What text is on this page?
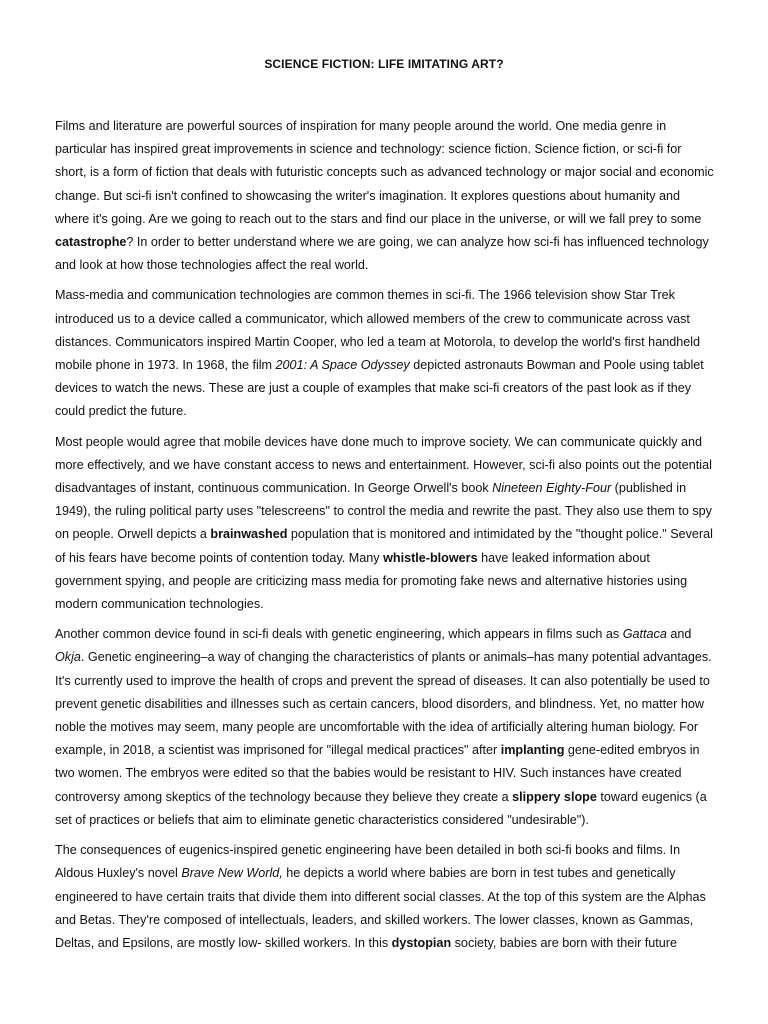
SCIENCE FICTION: LIFE IMITATING ART?

Films and literature are powerful sources of inspiration for many people around the world. One media genre in particular has inspired great improvements in science and technology: science fiction. Science fiction, or sci-fi for short, is a form of fiction that deals with futuristic concepts such as advanced technology or major social and economic change. But sci-fi isn't confined to showcasing the writer's imagination. It explores questions about humanity and where it's going. Are we going to reach out to the stars and find our place in the universe, or will we fall prey to some catastrophe? In order to better understand where we are going, we can analyze how sci-fi has influenced technology and look at how those technologies affect the real world.

Mass-media and communication technologies are common themes in sci-fi. The 1966 television show Star Trek introduced us to a device called a communicator, which allowed members of the crew to communicate across vast distances. Communicators inspired Martin Cooper, who led a team at Motorola, to develop the world's first handheld mobile phone in 1973. In 1968, the film 2001: A Space Odyssey depicted astronauts Bowman and Poole using tablet devices to watch the news. These are just a couple of examples that make sci-fi creators of the past look as if they could predict the future.

Most people would agree that mobile devices have done much to improve society. We can communicate quickly and more effectively, and we have constant access to news and entertainment. However, sci-fi also points out the potential disadvantages of instant, continuous communication. In George Orwell's book Nineteen Eighty-Four (published in 1949), the ruling political party uses "telescreens" to control the media and rewrite the past. They also use them to spy on people. Orwell depicts a brainwashed population that is monitored and intimidated by the "thought police." Several of his fears have become points of contention today. Many whistle-blowers have leaked information about government spying, and people are criticizing mass media for promoting fake news and alternative histories using modern communication technologies.

Another common device found in sci-fi deals with genetic engineering, which appears in films such as Gattaca and Okja. Genetic engineering–a way of changing the characteristics of plants or animals–has many potential advantages. It's currently used to improve the health of crops and prevent the spread of diseases. It can also potentially be used to prevent genetic disabilities and illnesses such as certain cancers, blood disorders, and blindness. Yet, no matter how noble the motives may seem, many people are uncomfortable with the idea of artificially altering human biology. For example, in 2018, a scientist was imprisoned for "illegal medical practices" after implanting gene-edited embryos in two women. The embryos were edited so that the babies would be resistant to HIV. Such instances have created controversy among skeptics of the technology because they believe they create a slippery slope toward eugenics (a set of practices or beliefs that aim to eliminate genetic characteristics considered "undesirable").

The consequences of eugenics-inspired genetic engineering have been detailed in both sci-fi books and films. In Aldous Huxley's novel Brave New World, he depicts a world where babies are born in test tubes and genetically engineered to have certain traits that divide them into different social classes. At the top of this system are the Alphas and Betas. They're composed of intellectuals, leaders, and skilled workers. The lower classes, known as Gammas, Deltas, and Epsilons, are mostly low- skilled workers. In this dystopian society, babies are born with their future
